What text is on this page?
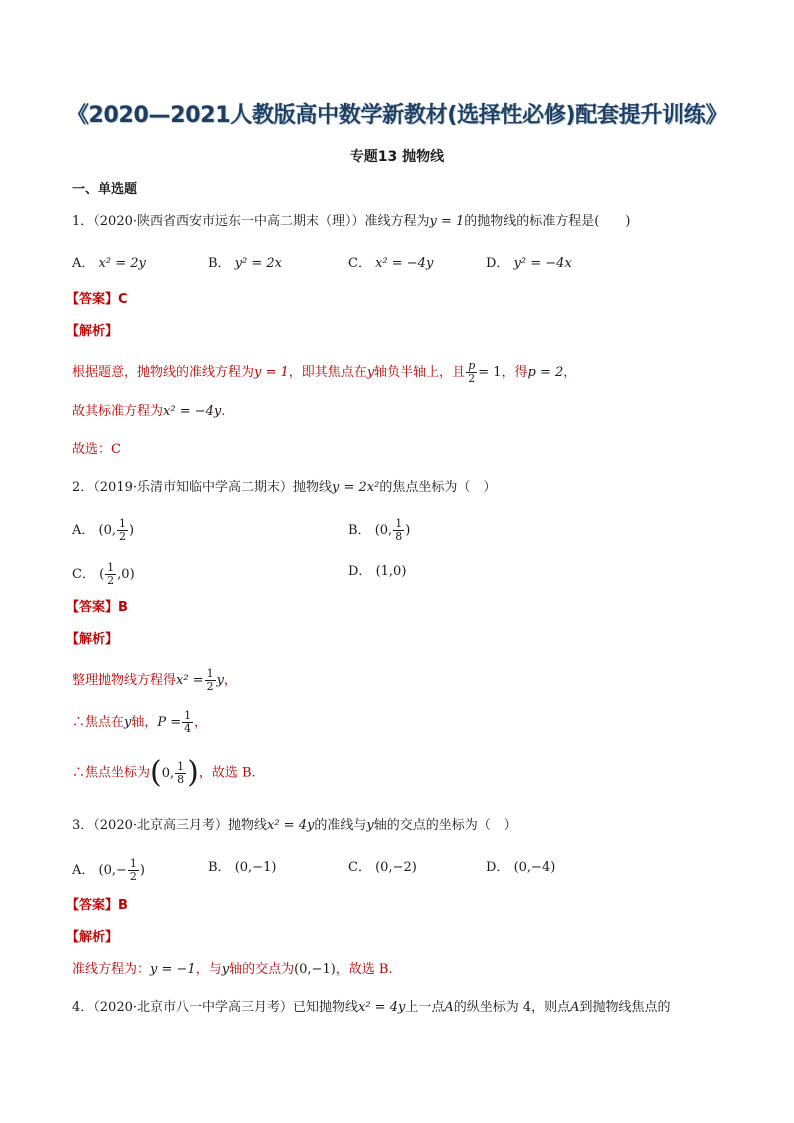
《2020—2021人教版高中数学新教材(选择性必修)配套提升训练》
专题13 抛物线
一、单选题
1．（2020·陕西省西安市远东一中高二期末（理））准线方程为y = 1的抛物线的标准方程是(　　)
A． x² = 2y	B． y² = 2x	C． x² = −4y	D． y² = −4x
【答案】C
【解析】
根据题意，抛物线的准线方程为y = 1，即其焦点在y轴负半轴上，且 $\frac{p}{2} = 1$，得p = 2，
故其标准方程为x² = −4y.
故选：C
2．（2019·乐清市知临中学高二期末）抛物线y = 2x²的焦点坐标为（　）
A． (0, $\frac{1}{2}$ )	B． (0, $\frac{1}{8}$ )
C． ( $\frac{1}{2} ,0$)	D． (1,0)
【答案】B
【解析】
整理抛物线方程得$x^2 = \frac{1}{2}$ y，
∴焦点在y轴，$P = \frac{1}{4}$ ，
∴焦点坐标为(0, $\frac{1}{8}$ )，故选 B.
3．（2020·北京高三月考）抛物线x² = 4y的准线与y轴的交点的坐标为（　）
A． ($0,- \frac{1}{2}$ )	B． (0,−1)	C． (0,−2)	D． (0,−4)
【答案】B
【解析】
准线方程为：y = −1，与y轴的交点为(0,−1)，故选 B.
4．（2020·北京市八一中学高三月考）已知抛物线x² = 4y上一点A的纵坐标为 4，则点A到抛物线焦点的
